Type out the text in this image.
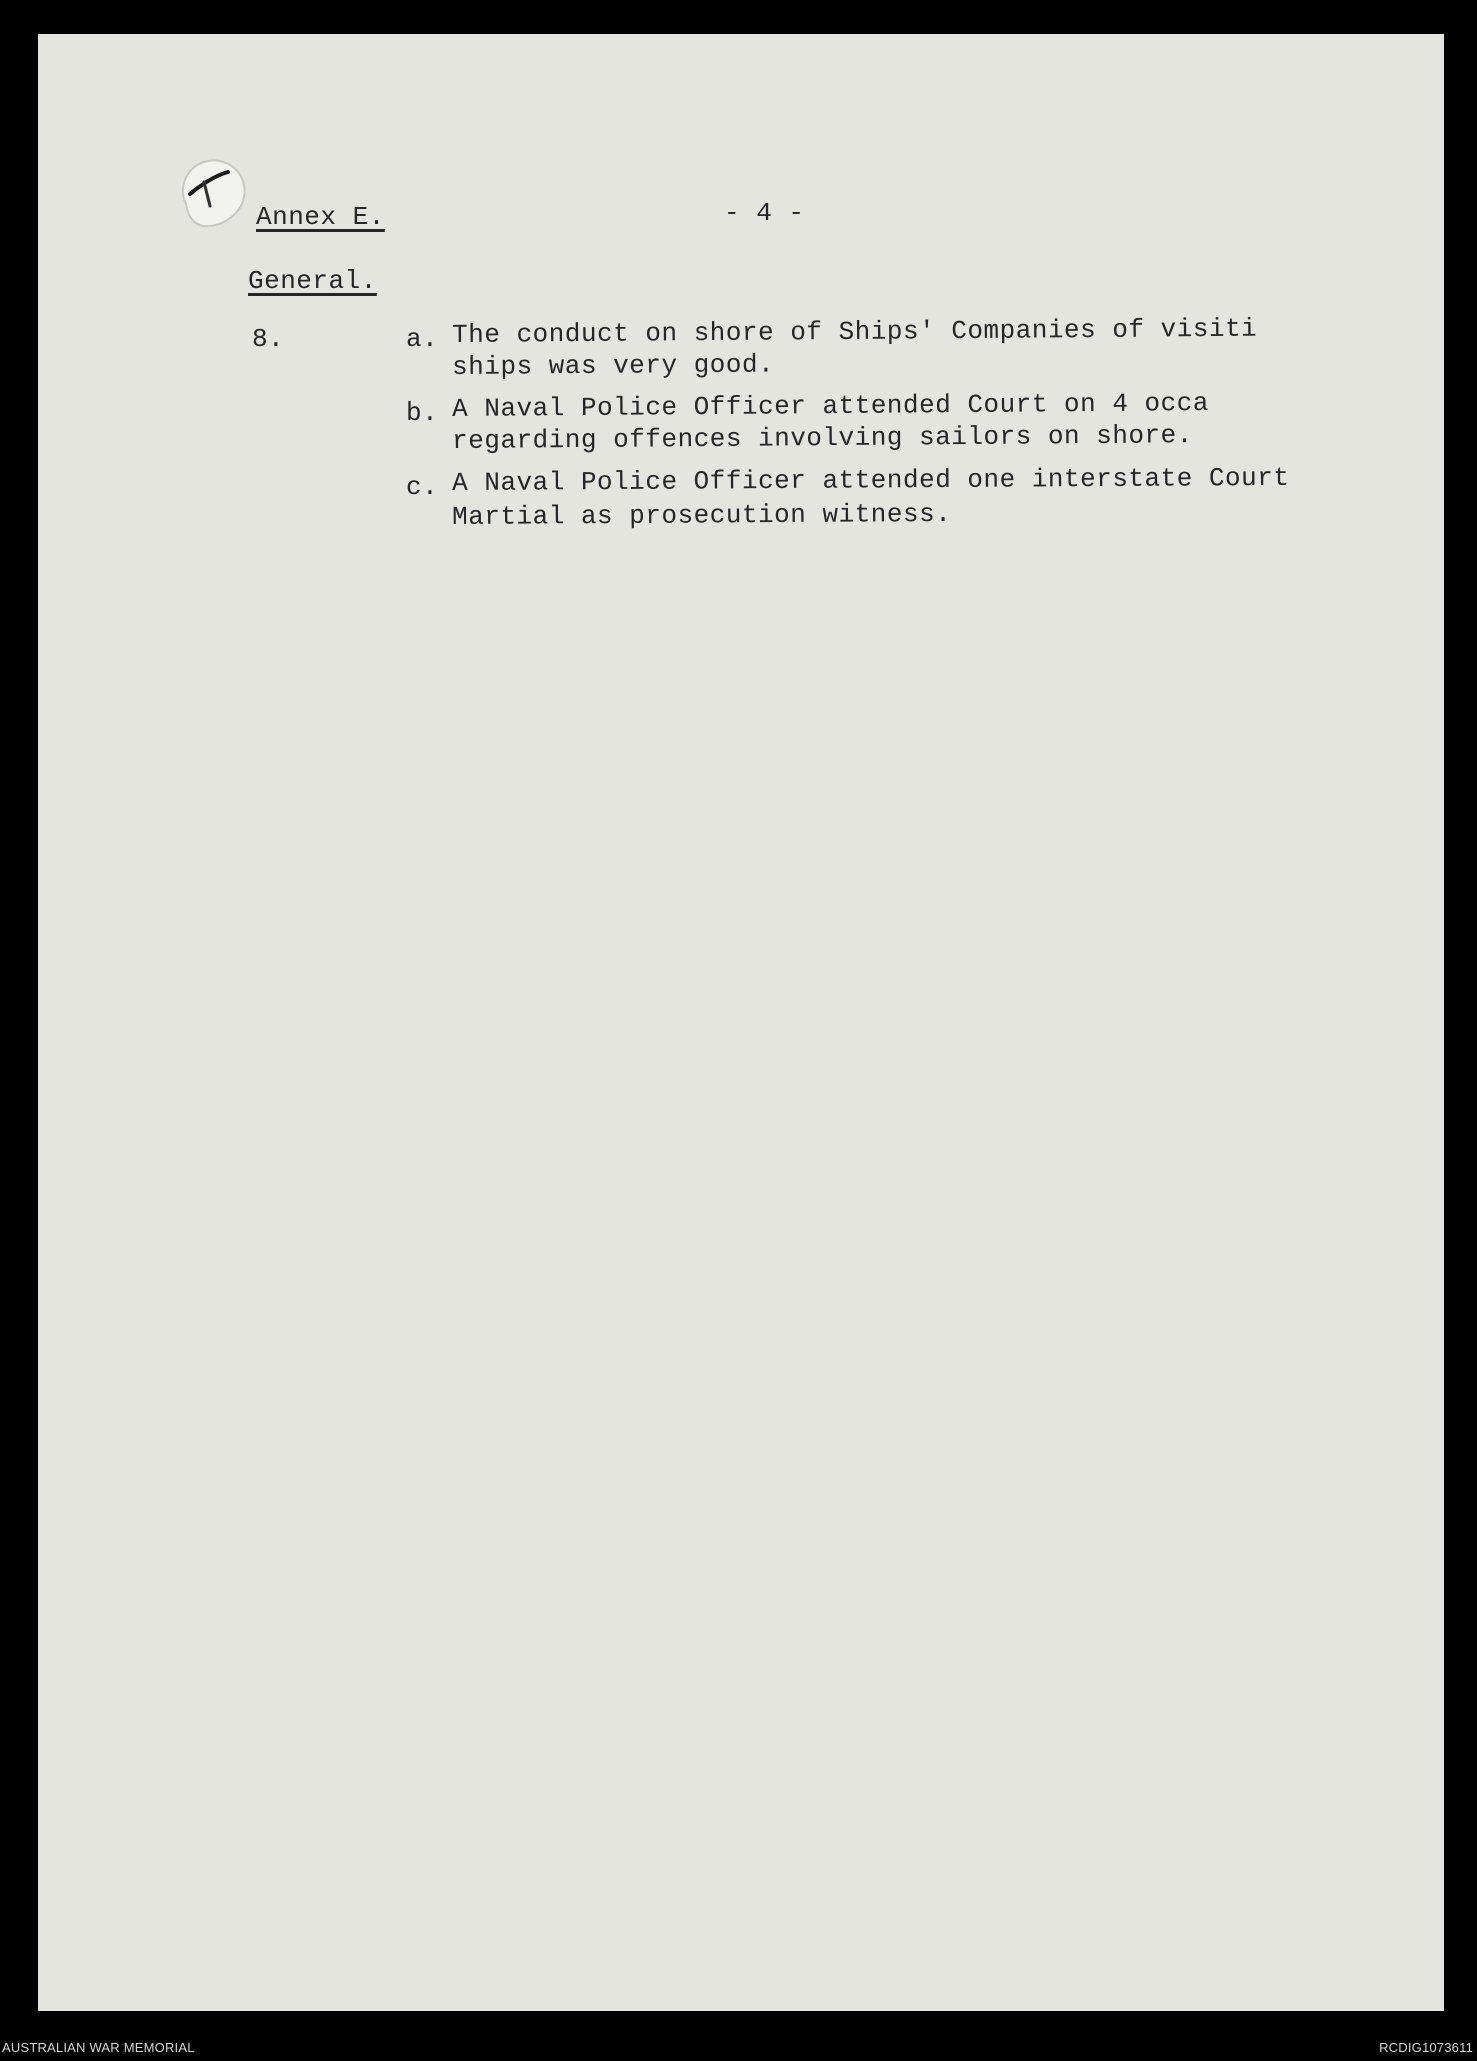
Annex E.	- 4 -
General.
8.	a. The conduct on shore of Ships' Companies of visiti
ships was very good.
b. A Naval Police Officer attended Court on 4 occa
regarding offences involving sailors on shore.
c. A Naval Police Officer attended one interstate Court
Martial as prosecution witness.
AUSTRALIAN WAR MEMORIAL	RCDIG1073611
